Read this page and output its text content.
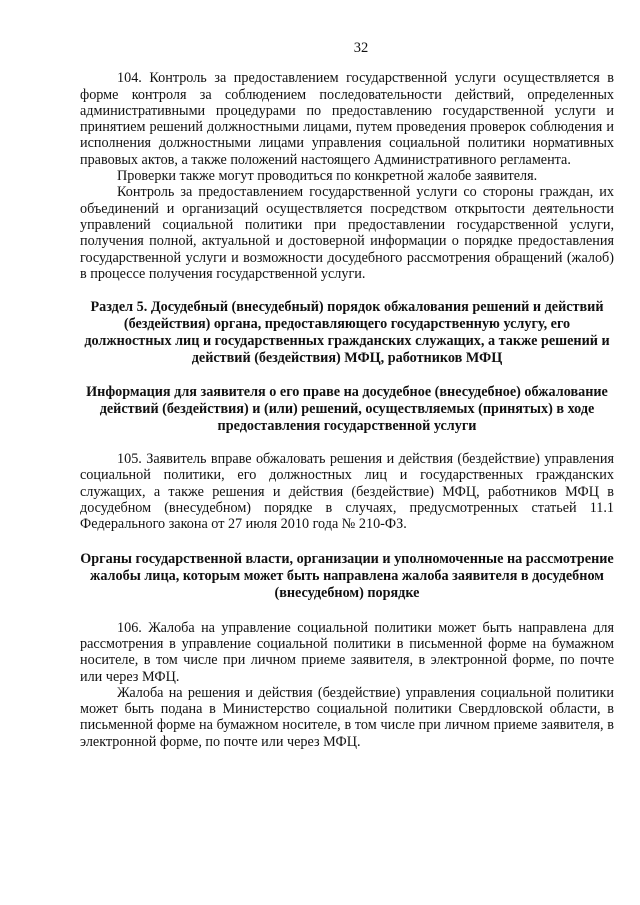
32

104. Контроль за предоставлением государственной услуги осуществляется в форме контроля за соблюдением последовательности действий, определенных административными процедурами по предоставлению государственной услуги и принятием решений должностными лицами, путем проведения проверок соблюдения и исполнения должностными лицами управления социальной политики нормативных правовых актов, а также положений настоящего Административного регламента.

Проверки также могут проводиться по конкретной жалобе заявителя.

Контроль за предоставлением государственной услуги со стороны граждан, их объединений и организаций осуществляется посредством открытости деятельности управлений социальной политики при предоставлении государственной услуги, получения полной, актуальной и достоверной информации о порядке предоставления государственной услуги и возможности досудебного рассмотрения обращений (жалоб) в процессе получения государственной услуги.

Раздел 5. Досудебный (внесудебный) порядок обжалования решений и действий (бездействия) органа, предоставляющего государственную услугу, его должностных лиц и государственных гражданских служащих, а также решений и действий (бездействия) МФЦ, работников МФЦ
Информация для заявителя о его праве на досудебное (внесудебное) обжалование действий (бездействия) и (или) решений, осуществляемых (принятых) в ходе предоставления государственной услуги

105. Заявитель вправе обжаловать решения и действия (бездействие) управления социальной политики, его должностных лиц и государственных гражданских служащих, а также решения и действия (бездействие) МФЦ, работников МФЦ в досудебном (внесудебном) порядке в случаях, предусмотренных статьей 11.1 Федерального закона от 27 июля 2010 года № 210-ФЗ.

Органы государственной власти, организации и уполномоченные на рассмотрение жалобы лица, которым может быть направлена жалоба заявителя в досудебном (внесудебном) порядке

106. Жалоба на управление социальной политики может быть направлена для рассмотрения в управление социальной политики в письменной форме на бумажном носителе, в том числе при личном приеме заявителя, в электронной форме, по почте или через МФЦ.

Жалоба на решения и действия (бездействие) управления социальной политики может быть подана в Министерство социальной политики Свердловской области, в письменной форме на бумажном носителе, в том числе при личном приеме заявителя, в электронной форме, по почте или через МФЦ.
